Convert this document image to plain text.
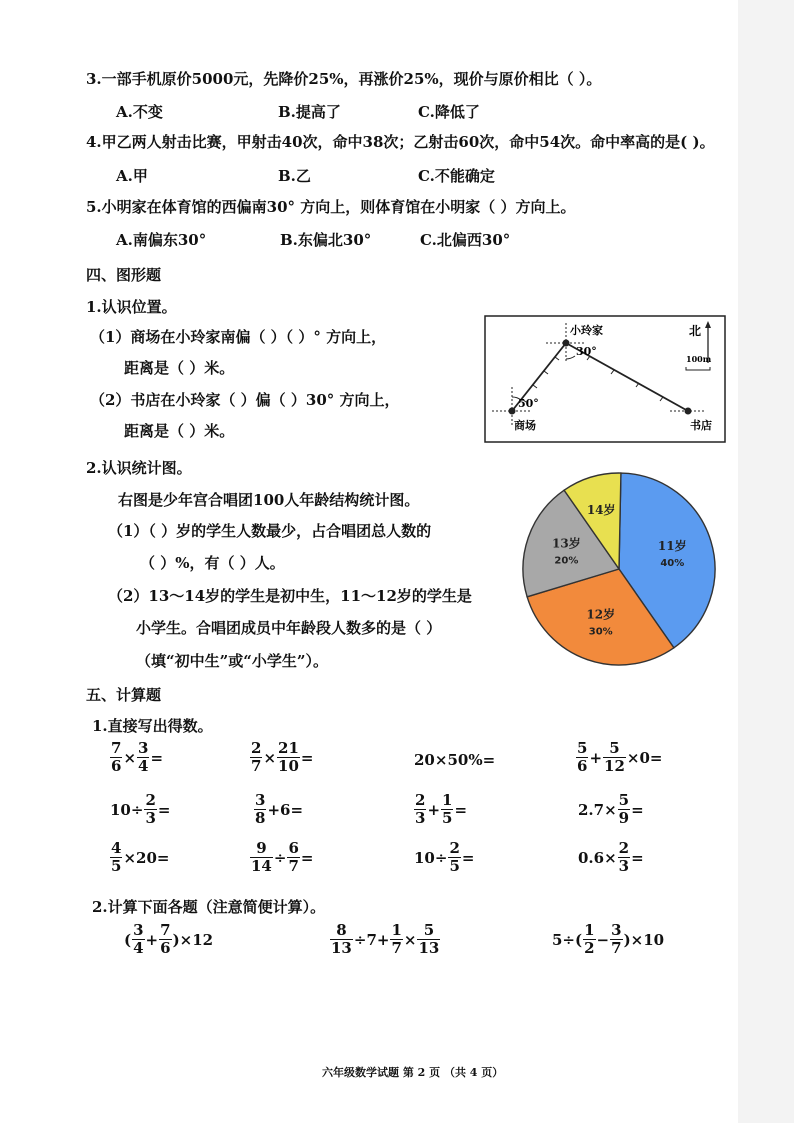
3.一部手机原价5000元，先降价25%，再涨价25%，现价与原价相比（ ）。
A.不变	B.提高了	C.降低了
4.甲乙两人射击比赛，甲射击40次，命中38次；乙射击60次，命中54次。命中率高的是( )。
A.甲	B.乙	C.不能确定
5.小明家在体育馆的西偏南30° 方向上，则体育馆在小明家（ ）方向上。
A.南偏东30°	B.东偏北30°	C.北偏西30°
四、图形题
1.认识位置。
（1）商场在小玲家南偏（ ）（ ）° 方向上，
距离是（ ）米。
（2）书店在小玲家（ ）偏（ ）30° 方向上，
距离是（ ）米。
小玲家
30°
50°
商场	书店
北
100m
2.认识统计图。
右图是少年宫合唱团100人年龄结构统计图。
（1）（ ）岁的学生人数最少，占合唱团总人数的
（ ）%，有（ ）人。
（2）13～14岁的学生是初中生，11～12岁的学生是
小学生。合唱团成员中年龄段人数多的是（ ）
（填“初中生”或“小学生”）。
11岁
40%
12岁
30%
13岁
20%
14岁
五、计算题
1.直接写出得数。
$\frac{7}{6} \times \frac{3}{4}$ =	$\frac{2}{7} \times \frac{21}{10}$ =	20×50%=	$\frac{5}{6} + \frac{5}{12} \times 0=$
$10\div \frac{2}{3}$ =	$\frac{3}{8} +6=$	$\frac{2}{3} + \frac{1}{5}$ =	$2.7\times \frac{5}{9}$ =
$\frac{4}{5} \times 20=$	$\frac{9}{14} \div \frac{6}{7}$ =	$10\div \frac{2}{5}$ =	$0.6\times \frac{2}{3}$ =
2.计算下面各题（注意简便计算）。
( $\frac{3}{4} + \frac{7}{6} )\times 12$	$\frac{8}{13} \div 7+ \frac{1}{7} \times \frac{5}{13}$	$5\div( \frac{1}{2} - \frac{3}{7} )\times 10$
六年级数学试题 第 2 页 （共 4 页）
